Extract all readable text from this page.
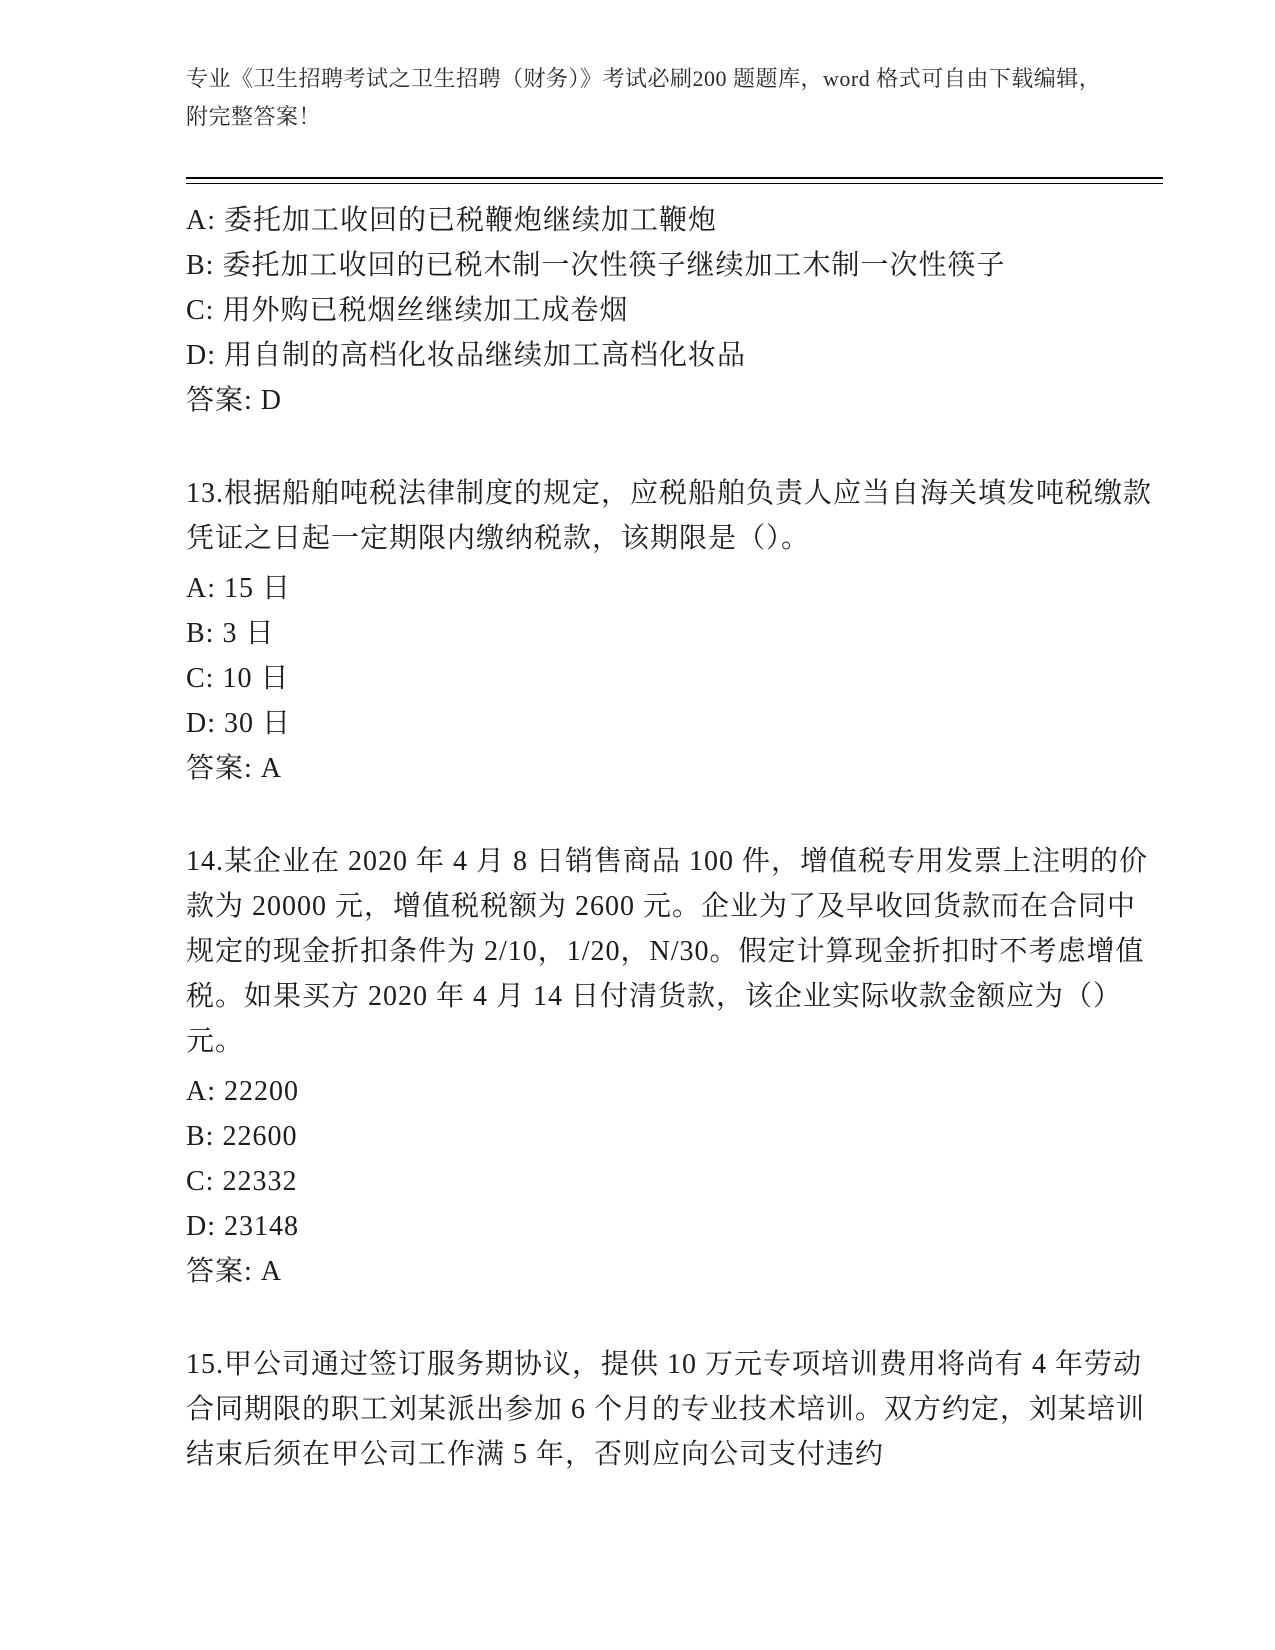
专业《卫生招聘考试之卫生招聘（财务）》考试必刷200 题题库，word 格式可自由下载编辑，附完整答案！

A: 委托加工收回的已税鞭炮继续加工鞭炮

B: 委托加工收回的已税木制一次性筷子继续加工木制一次性筷子

C: 用外购已税烟丝继续加工成卷烟

D: 用自制的高档化妆品继续加工高档化妆品

答案: D

13.根据船舶吨税法律制度的规定，应税船舶负责人应当自海关填发吨税缴款凭证之日起一定期限内缴纳税款，该期限是（）。

A: 15 日

B: 3 日

C: 10 日

D: 30 日

答案: A

14.某企业在 2020 年 4 月 8 日销售商品 100 件，增值税专用发票上注明的价款为 20000 元，增值税税额为 2600 元。企业为了及早收回货款而在合同中规定的现金折扣条件为 2/10，1/20，N/30。假定计算现金折扣时不考虑增值税。如果买方 2020 年 4 月 14 日付清货款，该企业实际收款金额应为（）元。

A: 22200

B: 22600

C: 22332

D: 23148

答案: A

15.甲公司通过签订服务期协议，提供 10 万元专项培训费用将尚有 4 年劳动合同期限的职工刘某派出参加 6 个月的专业技术培训。双方约定，刘某培训结束后须在甲公司工作满 5 年，否则应向公司支付违约
